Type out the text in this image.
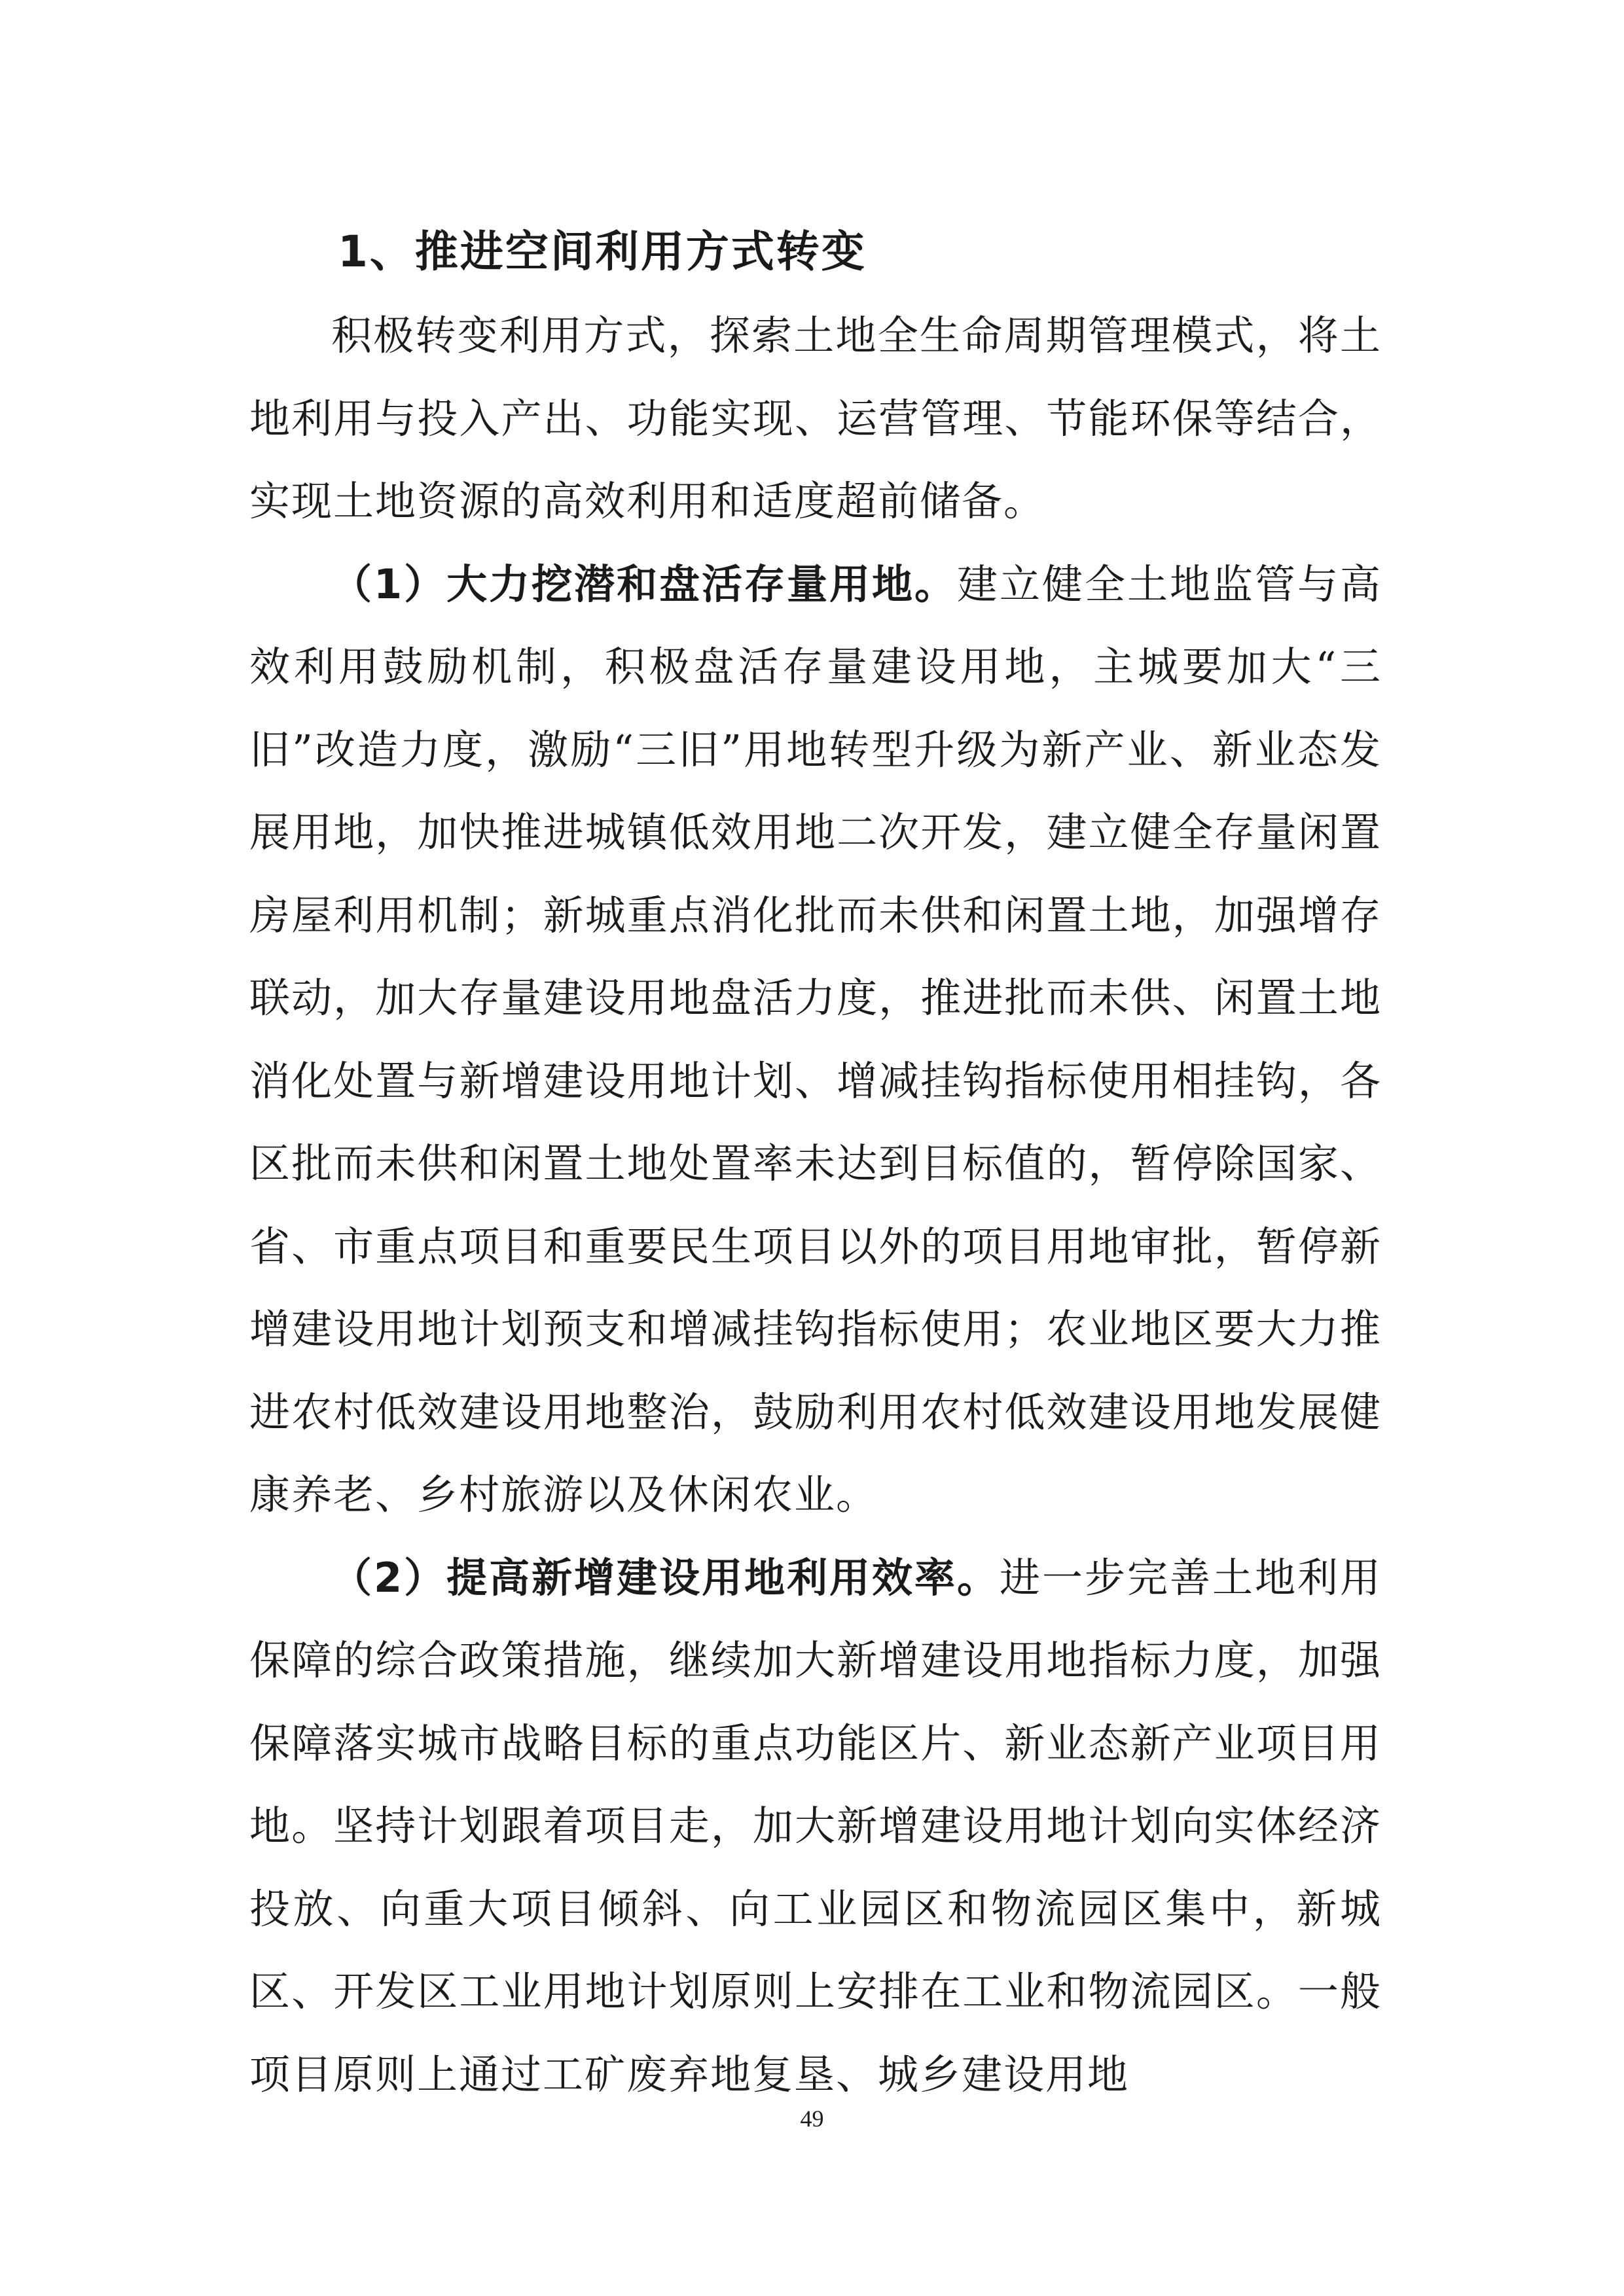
1、推进空间利用方式转变

积极转变利用方式，探索土地全生命周期管理模式，将土地利用与投入产出、功能实现、运营管理、节能环保等结合，实现土地资源的高效利用和适度超前储备。

（1）大力挖潜和盘活存量用地。建立健全土地监管与高效利用鼓励机制，积极盘活存量建设用地，主城要加大“三旧”改造力度，激励“三旧”用地转型升级为新产业、新业态发展用地，加快推进城镇低效用地二次开发，建立健全存量闲置房屋利用机制；新城重点消化批而未供和闲置土地，加强增存联动，加大存量建设用地盘活力度，推进批而未供、闲置土地消化处置与新增建设用地计划、增减挂钩指标使用相挂钩，各区批而未供和闲置土地处置率未达到目标值的，暂停除国家、省、市重点项目和重要民生项目以外的项目用地审批，暂停新增建设用地计划预支和增减挂钩指标使用；农业地区要大力推进农村低效建设用地整治，鼓励利用农村低效建设用地发展健康养老、乡村旅游以及休闲农业。

（2）提高新增建设用地利用效率。进一步完善土地利用保障的综合政策措施，继续加大新增建设用地指标力度，加强保障落实城市战略目标的重点功能区片、新业态新产业项目用地。坚持计划跟着项目走，加大新增建设用地计划向实体经济投放、向重大项目倾斜、向工业园区和物流园区集中，新城区、开发区工业用地计划原则上安排在工业和物流园区。一般项目原则上通过工矿废弃地复垦、城乡建设用地

49
